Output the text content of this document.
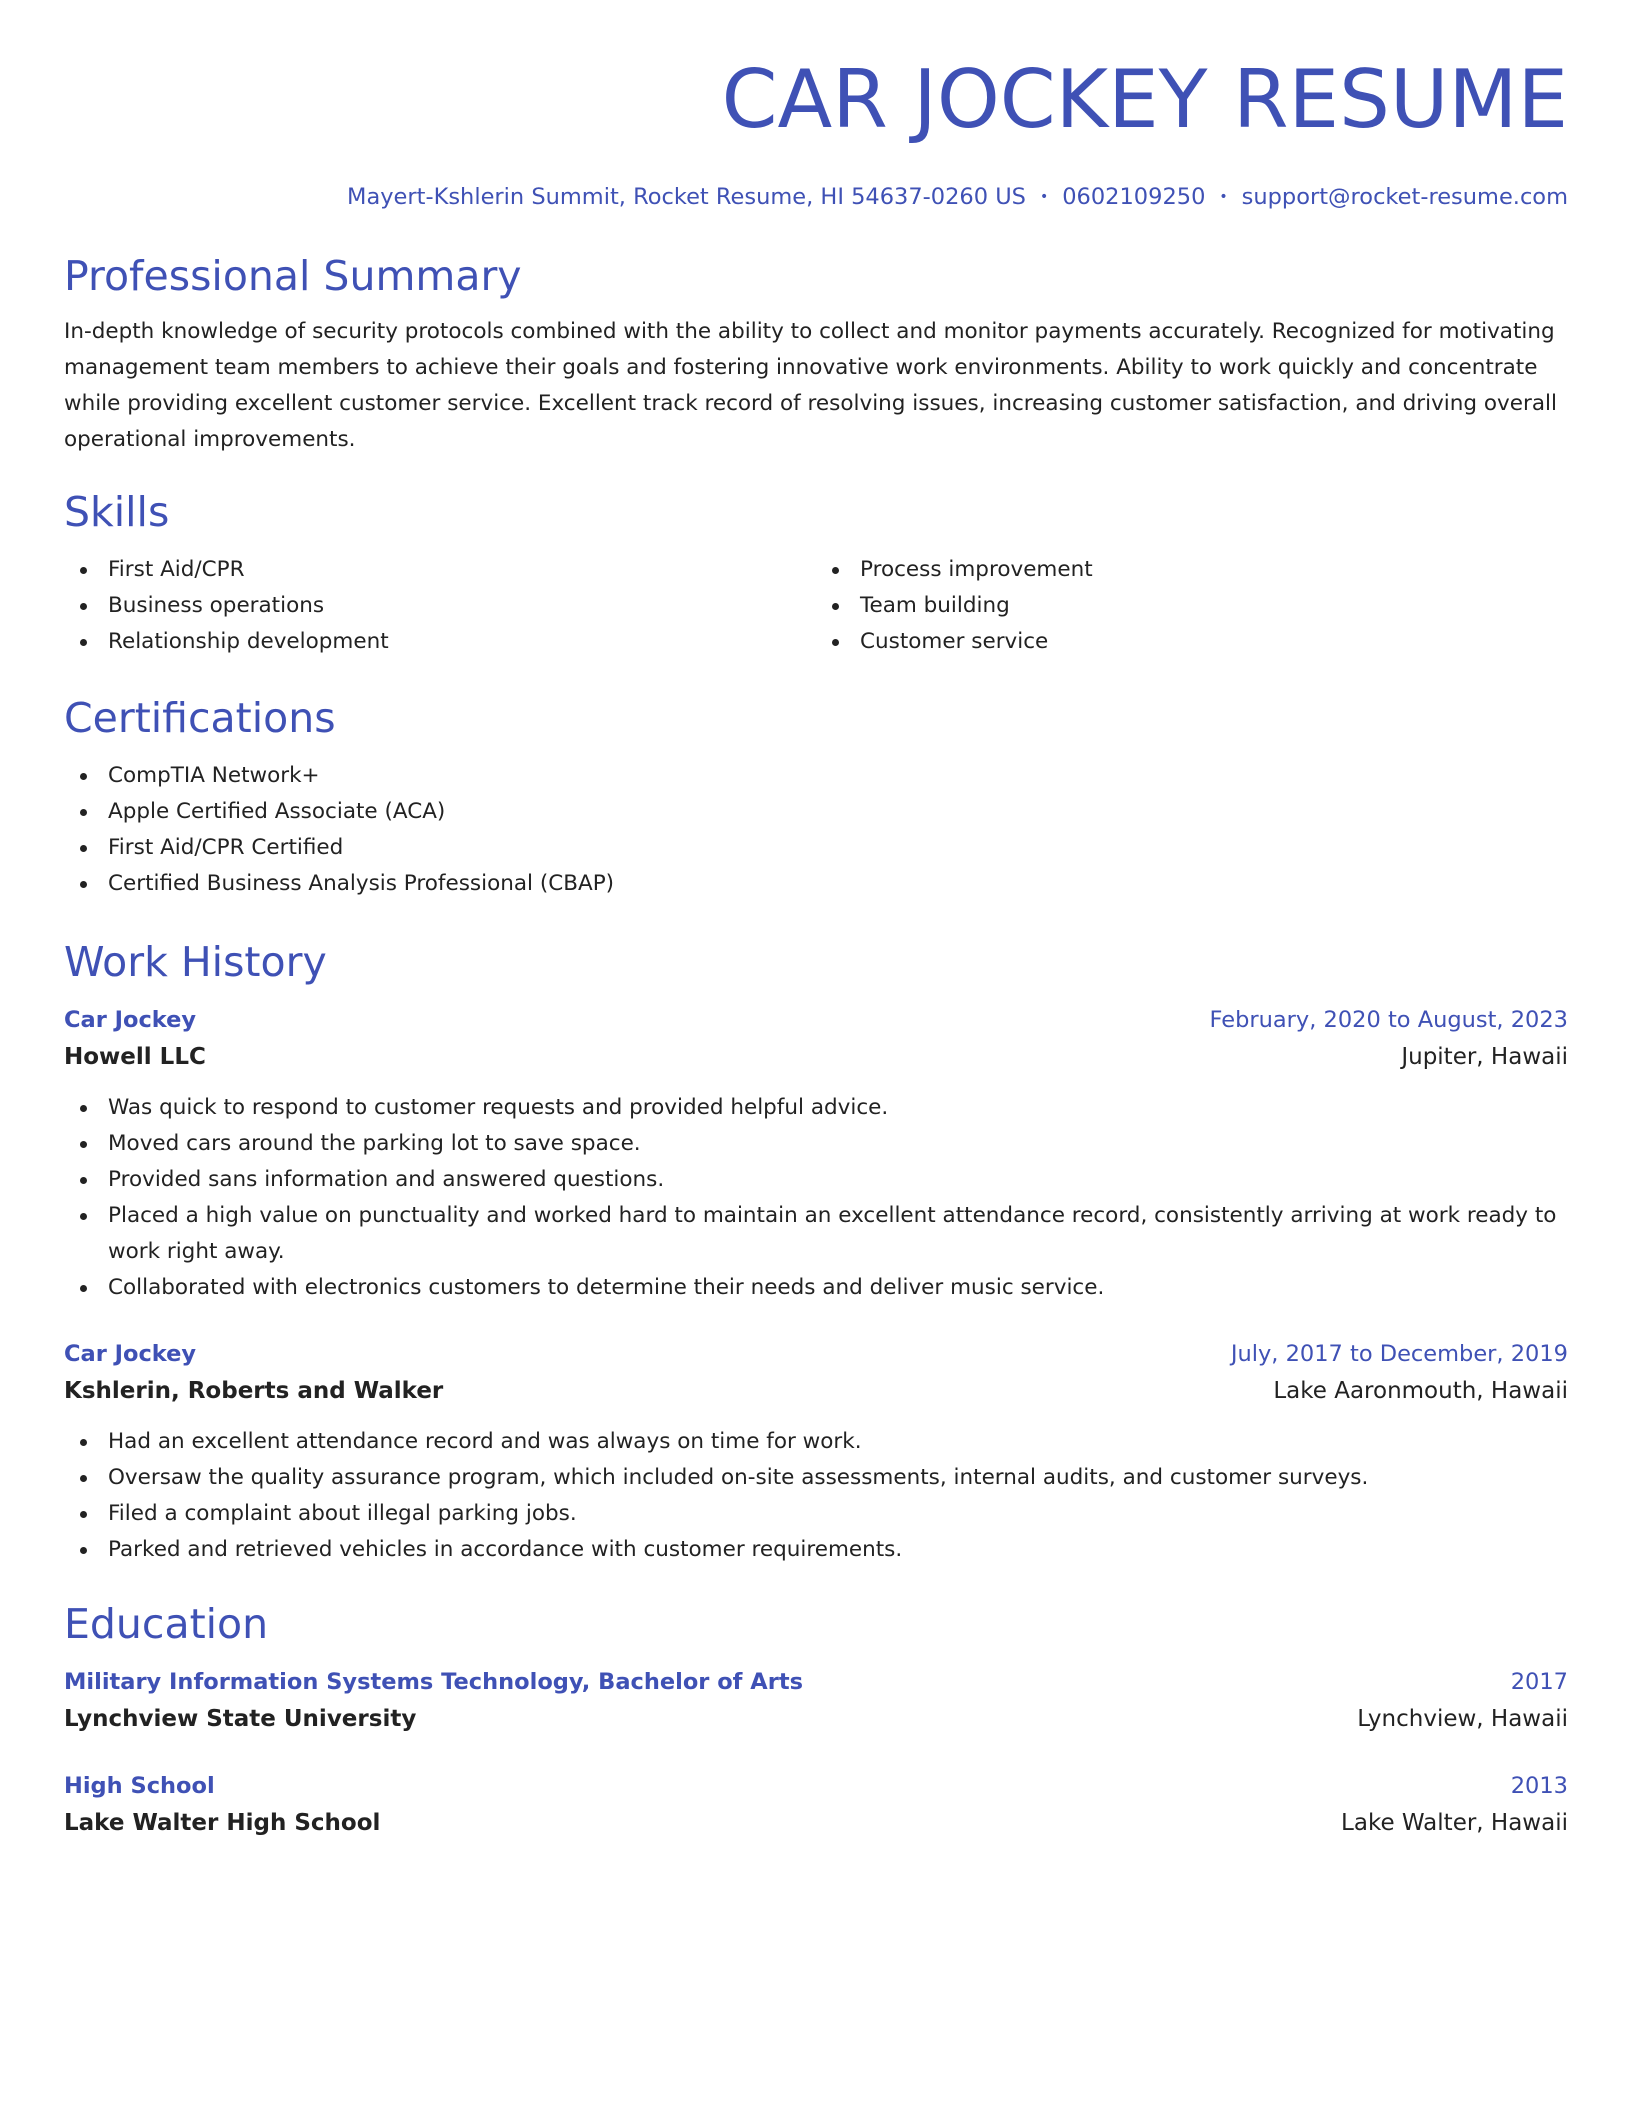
CAR JOCKEY RESUME
Mayert-Kshlerin Summit, Rocket Resume, HI 54637-0260 US • 0602109250 • support@rocket-resume.com
Professional Summary

In-depth knowledge of security protocols combined with the ability to collect and monitor payments accurately. Recognized for motivating management team members to achieve their goals and fostering innovative work environments. Ability to work quickly and concentrate while providing excellent customer service. Excellent track record of resolving issues, increasing customer satisfaction, and driving overall operational improvements.

Skills
First Aid/CPR
Business operations
Relationship development
Process improvement
Team building
Customer service
Certifications
CompTIA Network+
Apple Certified Associate (ACA)
First Aid/CPR Certified
Certified Business Analysis Professional (CBAP)
Work History
Car Jockey	February, 2020 to August, 2023
Howell LLC	Jupiter, Hawaii
Was quick to respond to customer requests and provided helpful advice.
Moved cars around the parking lot to save space.
Provided sans information and answered questions.
Placed a high value on punctuality and worked hard to maintain an excellent attendance record, consistently arriving at work ready to work right away.
Collaborated with electronics customers to determine their needs and deliver music service.
Car Jockey	July, 2017 to December, 2019
Kshlerin, Roberts and Walker	Lake Aaronmouth, Hawaii
Had an excellent attendance record and was always on time for work.
Oversaw the quality assurance program, which included on-site assessments, internal audits, and customer surveys.
Filed a complaint about illegal parking jobs.
Parked and retrieved vehicles in accordance with customer requirements.
Education
Military Information Systems Technology, Bachelor of Arts	2017
Lynchview State University	Lynchview, Hawaii
High School	2013
Lake Walter High School	Lake Walter, Hawaii
